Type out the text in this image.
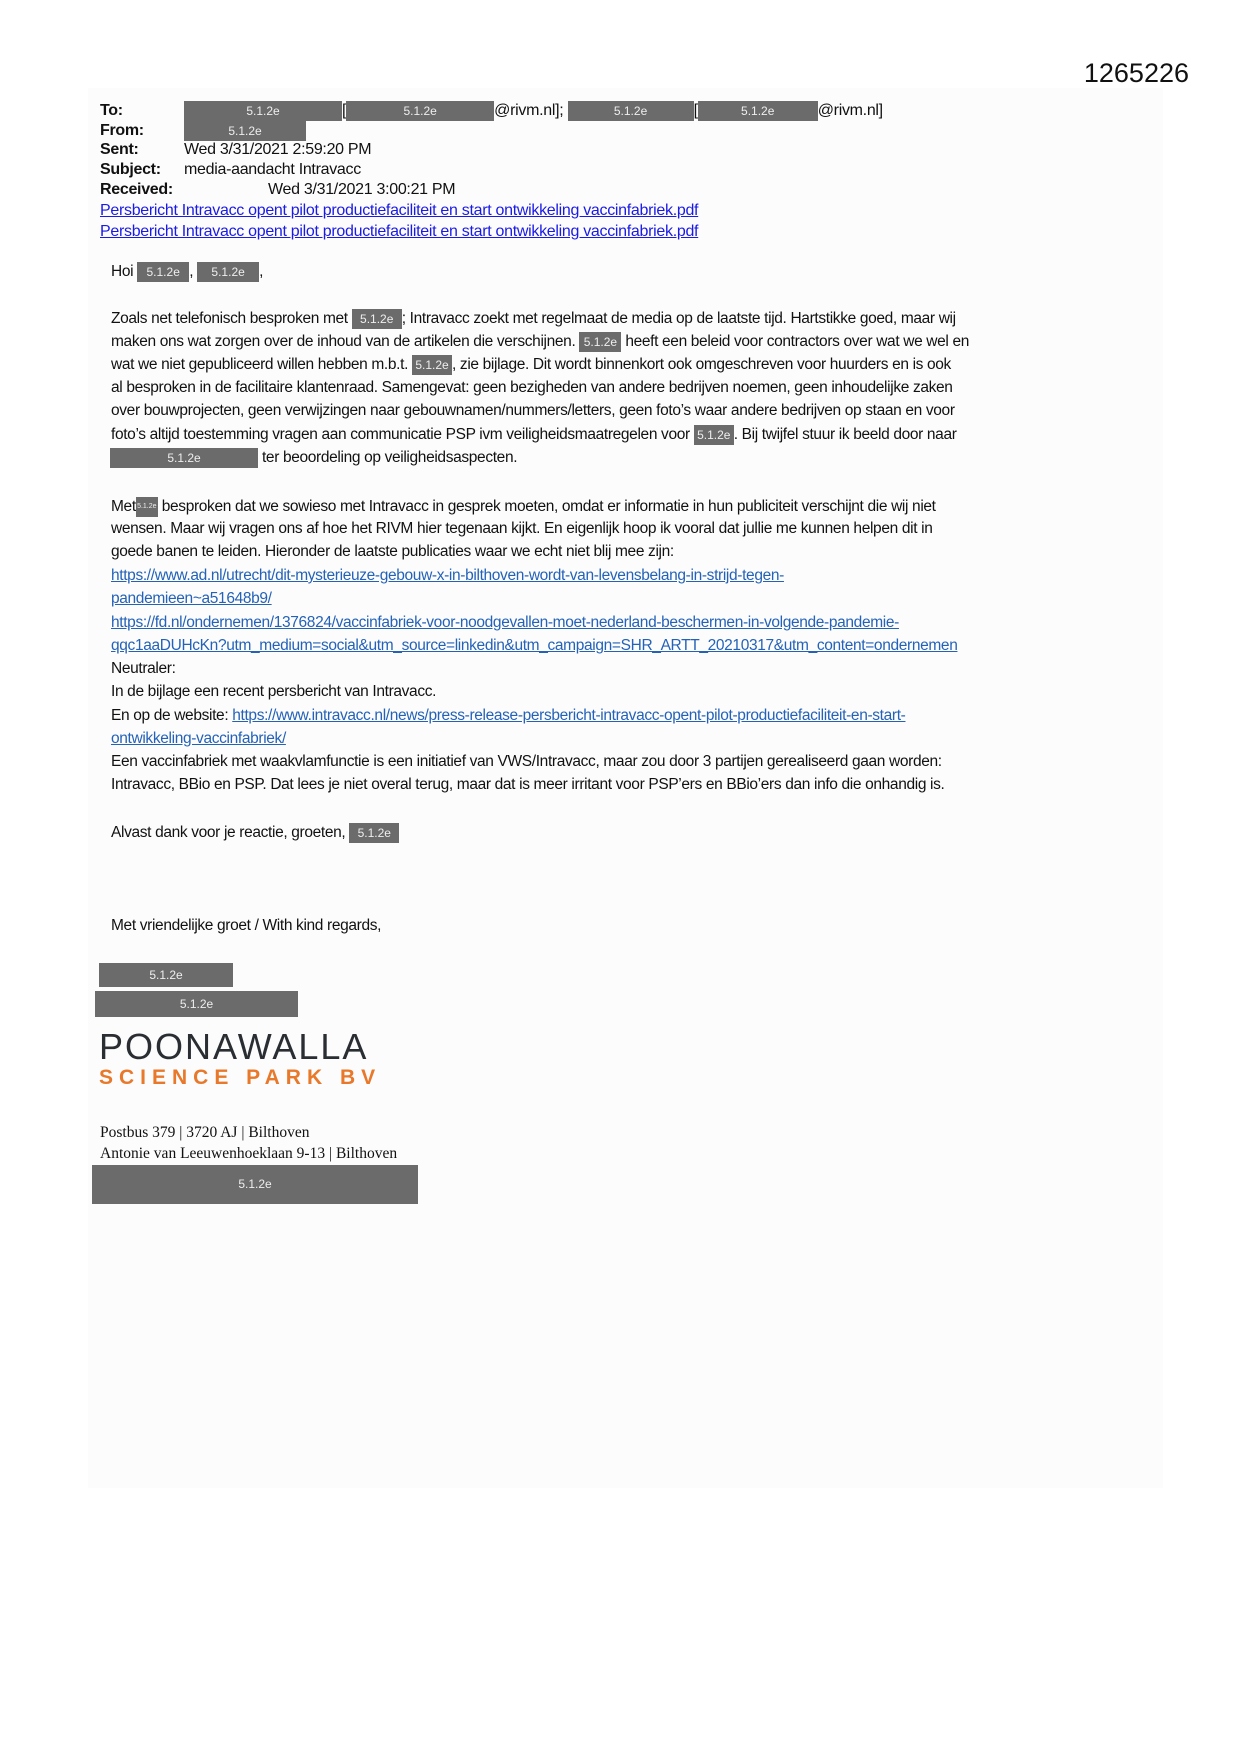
1265226
To:	5.1.2e	[	5.1.2e	@rivm.nl];	5.1.2e	[	5.1.2e	@rivm.nl]
From:	5.1.2e
Sent:	Wed 3/31/2021 2:59:20 PM
Subject: media-aandacht Intravacc
Received:	Wed 3/31/2021 3:00:21 PM
Persbericht Intravacc opent pilot productiefaciliteit en start ontwikkeling vaccinfabriek.pdf
Persbericht Intravacc opent pilot productiefaciliteit en start ontwikkeling vaccinfabriek.pdf
Hoi 5.1.2e , 5.1.2e ,
Zoals net telefonisch besproken met 5.1.2e ; Intravacc zoekt met regelmaat de media op de laatste tijd. Hartstikke goed, maar wij
maken ons wat zorgen over de inhoud van de artikelen die verschijnen. 5.1.2e heeft een beleid voor contractors over wat we wel en
wat we niet gepubliceerd willen hebben m.b.t. 5.1.2e , zie bijlage. Dit wordt binnenkort ook omgeschreven voor huurders en is ook
al besproken in de facilitaire klantenraad. Samengevat: geen bezigheden van andere bedrijven noemen, geen inhoudelijke zaken
over bouwprojecten, geen verwijzingen naar gebouwnamen/nummers/letters, geen foto’s waar andere bedrijven op staan en voor
foto’s altijd toestemming vragen aan communicatie PSP ivm veiligheidsmaatregelen voor 5.1.2e . Bij twijfel stuur ik beeld door naar
5.1.2e	ter beoordeling op veiligheidsaspecten.
Met5.1.2e besproken dat we sowieso met Intravacc in gesprek moeten, omdat er informatie in hun publiciteit verschijnt die wij niet
wensen. Maar wij vragen ons af hoe het RIVM hier tegenaan kijkt. En eigenlijk hoop ik vooral dat jullie me kunnen helpen dit in
goede banen te leiden. Hieronder de laatste publicaties waar we echt niet blij mee zijn:
https://www.ad.nl/utrecht/dit-mysterieuze-gebouw-x-in-bilthoven-wordt-van-levensbelang-in-strijd-tegen-
pandemieen~a51648b9/
https://fd.nl/ondernemen/1376824/vaccinfabriek-voor-noodgevallen-moet-nederland-beschermen-in-volgende-pandemie-
qqc1aaDUHcKn?utm_medium=social&utm_source=linkedin&utm_campaign=SHR_ARTT_20210317&utm_content=ondernemen
Neutraler:
In de bijlage een recent persbericht van Intravacc.
En op de website: https://www.intravacc.nl/news/press-release-persbericht-intravacc-opent-pilot-productiefaciliteit-en-start-
ontwikkeling-vaccinfabriek/
Een vaccinfabriek met waakvlamfunctie is een initiatief van VWS/Intravacc, maar zou door 3 partijen gerealiseerd gaan worden:
Intravacc, BBio en PSP. Dat lees je niet overal terug, maar dat is meer irritant voor PSP’ers en BBio’ers dan info die onhandig is.
Alvast dank voor je reactie, groeten, 5.1.2e
Met vriendelijke groet / With kind regards,
5.1.2e
5.1.2e
POONAWALLA
SCIENCE PARK BV
Postbus 379 | 3720 AJ | Bilthoven
Antonie van Leeuwenhoeklaan 9-13 | Bilthoven
5.1.2e
